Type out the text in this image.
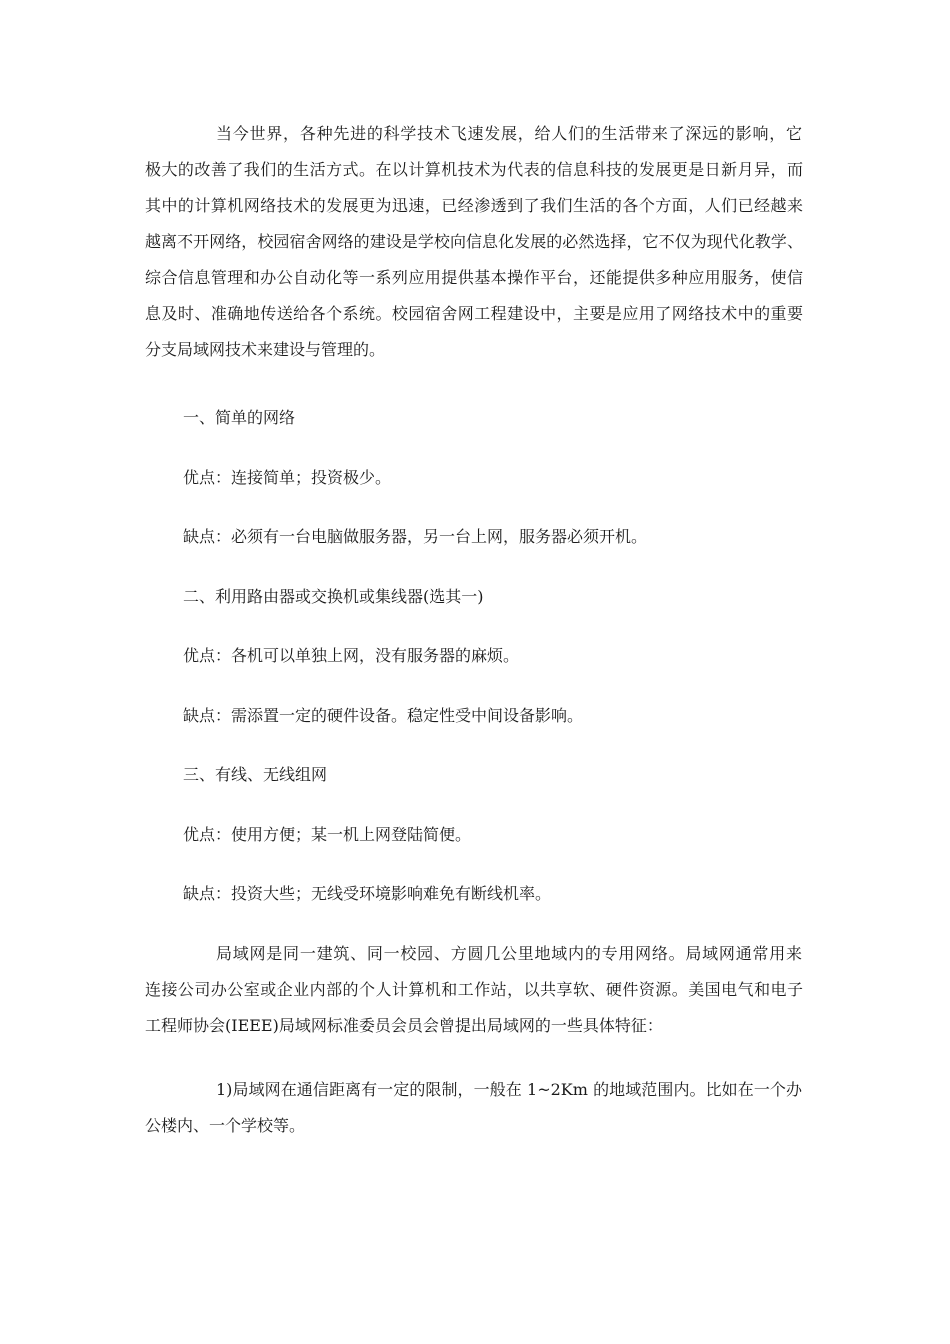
当今世界，各种先进的科学技术飞速发展，给人们的生活带来了深远的影响，它
极大的改善了我们的生活方式。在以计算机技术为代表的信息科技的发展更是日新月异，而
其中的计算机网络技术的发展更为迅速，已经渗透到了我们生活的各个方面，人们已经越来
越离不开网络，校园宿舍网络的建设是学校向信息化发展的必然选择，它不仅为现代化教学、
综合信息管理和办公自动化等一系列应用提供基本操作平台，还能提供多种应用服务，使信
息及时、准确地传送给各个系统。校园宿舍网工程建设中，主要是应用了网络技术中的重要
分支局域网技术来建设与管理的。
一、简单的网络
优点：连接简单；投资极少。
缺点：必须有一台电脑做服务器，另一台上网，服务器必须开机。
二、利用路由器或交换机或集线器(选其一)
优点：各机可以单独上网，没有服务器的麻烦。
缺点：需添置一定的硬件设备。稳定性受中间设备影响。
三、有线、无线组网
优点：使用方便；某一机上网登陆简便。
缺点：投资大些；无线受环境影响难免有断线机率。
局域网是同一建筑、同一校园、方圆几公里地域内的专用网络。局域网通常用来
连接公司办公室或企业内部的个人计算机和工作站，以共享软、硬件资源。美国电气和电子
工程师协会(IEEE)局域网标准委员会员会曾提出局域网的一些具体特征：
1)局域网在通信距离有一定的限制，一般在 1~2Km 的地域范围内。比如在一个办
公楼内、一个学校等。
